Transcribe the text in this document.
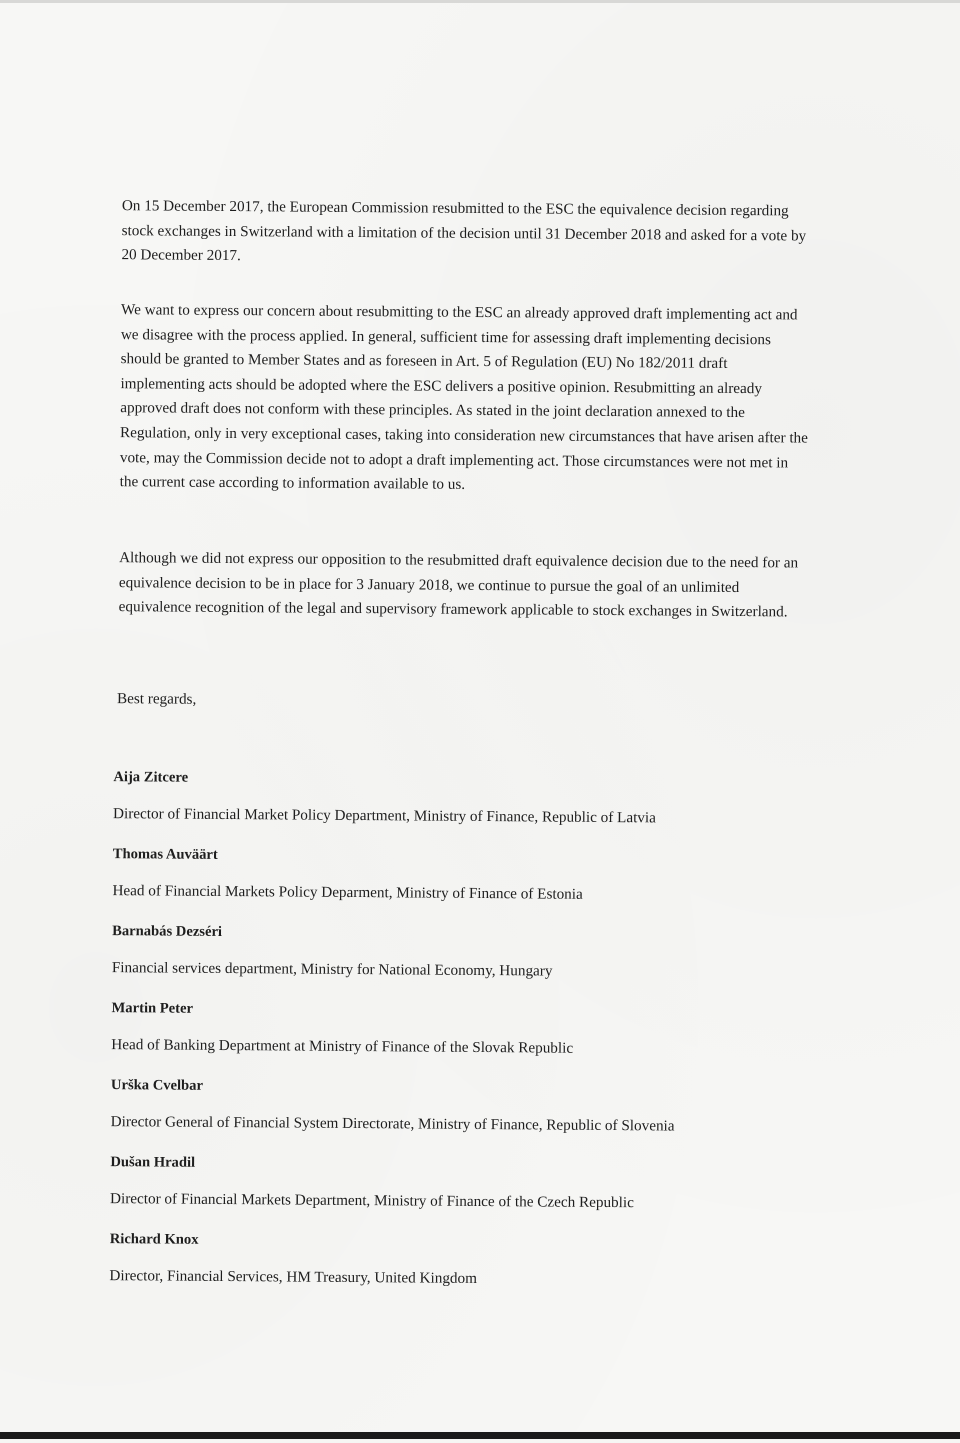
On 15 December 2017, the European Commission resubmitted to the ESC the equivalence decision regarding stock exchanges in Switzerland with a limitation of the decision until 31 December 2018 and asked for a vote by 20 December 2017.

We want to express our concern about resubmitting to the ESC an already approved draft implementing act and we disagree with the process applied. In general, sufficient time for assessing draft implementing decisions should be granted to Member States and as foreseen in Art. 5 of Regulation (EU) No 182/2011 draft implementing acts should be adopted where the ESC delivers a positive opinion. Resubmitting an already approved draft does not conform with these principles. As stated in the joint declaration annexed to the Regulation, only in very exceptional cases, taking into consideration new circumstances that have arisen after the vote, may the Commission decide not to adopt a draft implementing act. Those circumstances were not met in the current case according to information available to us.

Although we did not express our opposition to the resubmitted draft equivalence decision due to the need for an equivalence decision to be in place for 3 January 2018, we continue to pursue the goal of an unlimited equivalence recognition of the legal and supervisory framework applicable to stock exchanges in Switzerland.

Best regards,

Aija Zitcere

Director of Financial Market Policy Department, Ministry of Finance, Republic of Latvia

Thomas Auväärt

Head of Financial Markets Policy Deparment, Ministry of Finance of Estonia

Barnabás Dezséri

Financial services department, Ministry for National Economy, Hungary

Martin Peter

Head of Banking Department at Ministry of Finance of the Slovak Republic

Urška Cvelbar

Director General of Financial System Directorate, Ministry of Finance, Republic of Slovenia

Dušan Hradil

Director of Financial Markets Department, Ministry of Finance of the Czech Republic

Richard Knox

Director, Financial Services, HM Treasury, United Kingdom
